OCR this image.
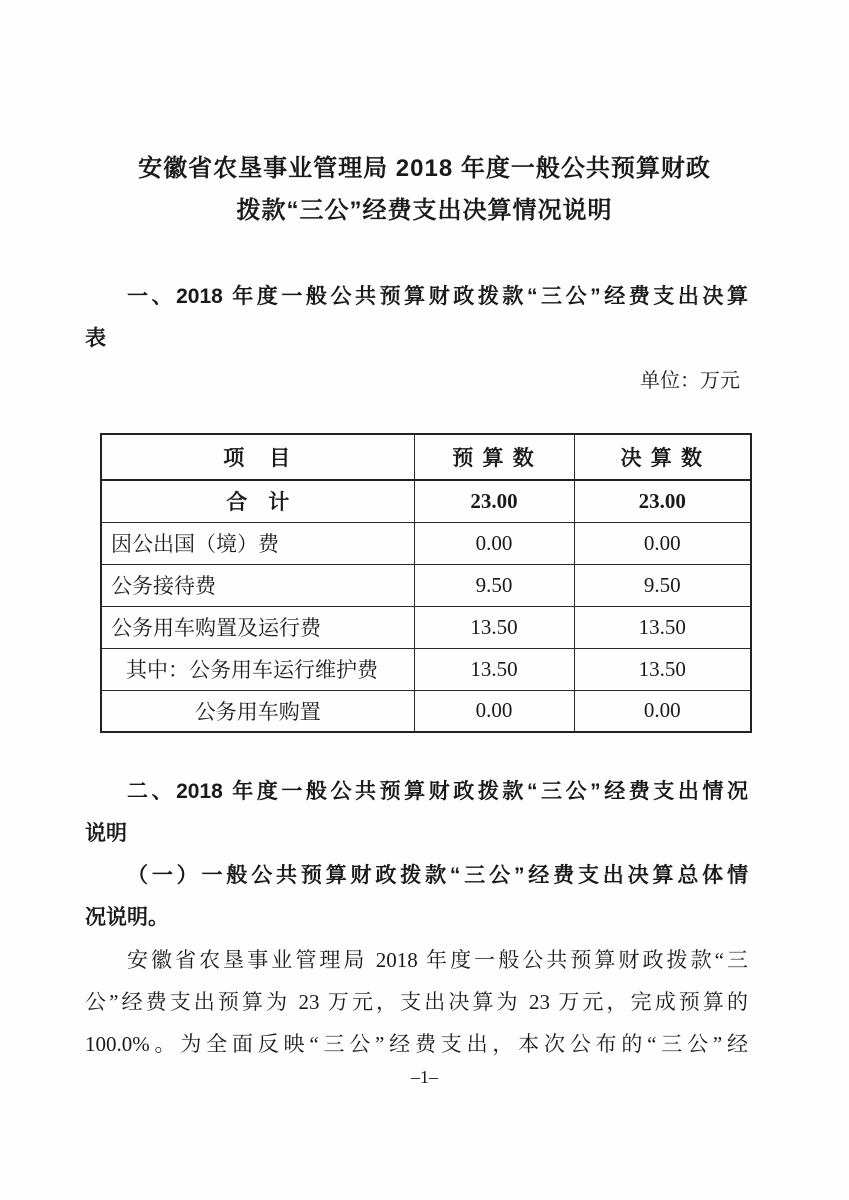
安徽省农垦事业管理局 2018 年度一般公共预算财政
拨款“三公”经费支出决算情况说明
一、2018 年度一般公共预算财政拨款“三公”经费支出决算
表
单位：万元
项　目	预 算 数	决 算 数
合　计	23.00	23.00
因公出国（境）费	0.00	0.00
公务接待费	9.50	9.50
公务用车购置及运行费	13.50	13.50
其中：公务用车运行维护费	13.50	13.50
公务用车购置	0.00	0.00
二、2018 年度一般公共预算财政拨款“三公”经费支出情况
说明
（一）一般公共预算财政拨款“三公”经费支出决算总体情
况说明。
安徽省农垦事业管理局 2018 年度一般公共预算财政拨款“三
公”经费支出预算为 23 万元，支出决算为 23 万元，完成预算的
100.0%。为全面反映“三公”经费支出，本次公布的“三公”经
–1–
